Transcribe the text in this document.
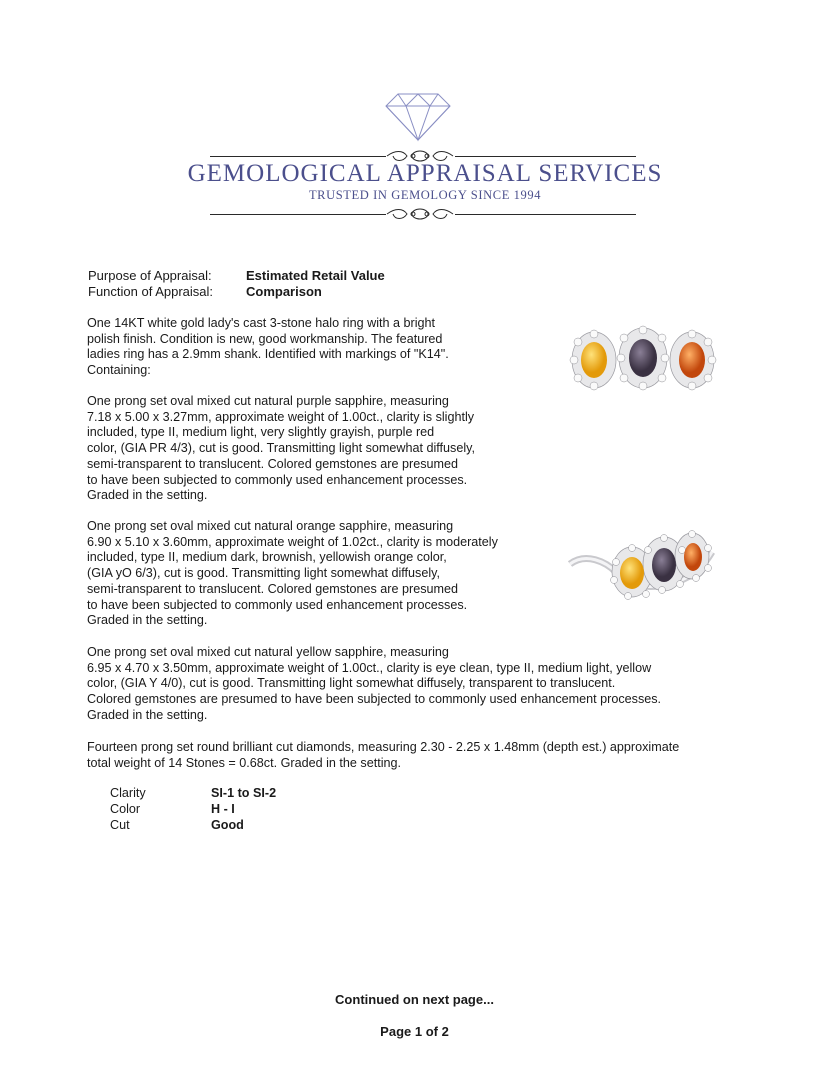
GEMOLOGICAL APPRAISAL SERVICES
TRUSTED IN GEMOLOGY SINCE 1994
Purpose of Appraisal:	Estimated Retail Value
Function of Appraisal:	Comparison
One 14KT white gold lady's cast 3-stone halo ring with a bright
polish finish. Condition is new, good workmanship. The featured
ladies ring has a 2.9mm shank. Identified with markings of "K14".
Containing:
One prong set oval mixed cut natural purple sapphire, measuring
7.18 x 5.00 x 3.27mm, approximate weight of 1.00ct., clarity is slightly
included, type II, medium light, very slightly grayish, purple red
color, (GIA PR 4/3), cut is good. Transmitting light somewhat diffusely,
semi-transparent to translucent. Colored gemstones are presumed
to have been subjected to commonly used enhancement processes.
Graded in the setting.
One prong set oval mixed cut natural orange sapphire, measuring
6.90 x 5.10 x 3.60mm, approximate weight of 1.02ct., clarity is moderately
included, type II, medium dark, brownish, yellowish orange color,
(GIA yO 6/3), cut is good. Transmitting light somewhat diffusely,
semi-transparent to translucent. Colored gemstones are presumed
to have been subjected to commonly used enhancement processes.
Graded in the setting.
One prong set oval mixed cut natural yellow sapphire, measuring
6.95 x 4.70 x 3.50mm, approximate weight of 1.00ct., clarity is eye clean, type II, medium light, yellow
color, (GIA Y 4/0), cut is good. Transmitting light somewhat diffusely, transparent to translucent.
Colored gemstones are presumed to have been subjected to commonly used enhancement processes.
Graded in the setting.
Fourteen prong set round brilliant cut diamonds, measuring 2.30 - 2.25 x 1.48mm (depth est.) approximate
total weight of 14 Stones = 0.68ct. Graded in the setting.
Clarity	SI-1 to SI-2
Color	H - I
Cut	Good
Continued on next page...
Page 1 of 2
